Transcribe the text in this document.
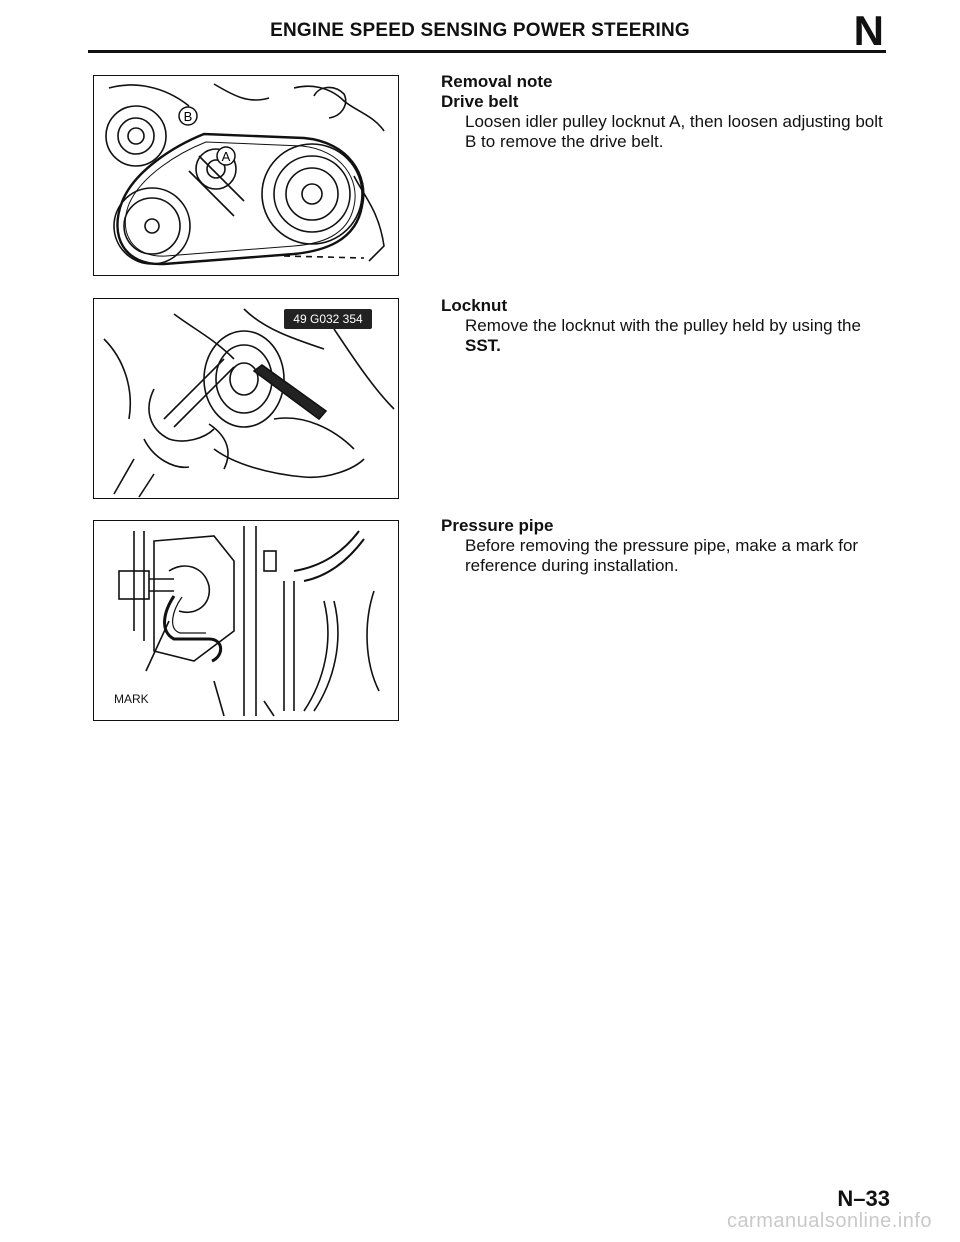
ENGINE SPEED SENSING POWER STEERING	N
B
A
Removal note
Drive belt
Loosen idler pulley locknut A, then loosen adjusting bolt B to remove the drive belt.
49 G032 354
Locknut
Remove the locknut with the pulley held by using the
SST.
MARK
Pressure pipe
Before removing the pressure pipe, make a mark for reference during installation.
N–33
carmanualsonline.info
